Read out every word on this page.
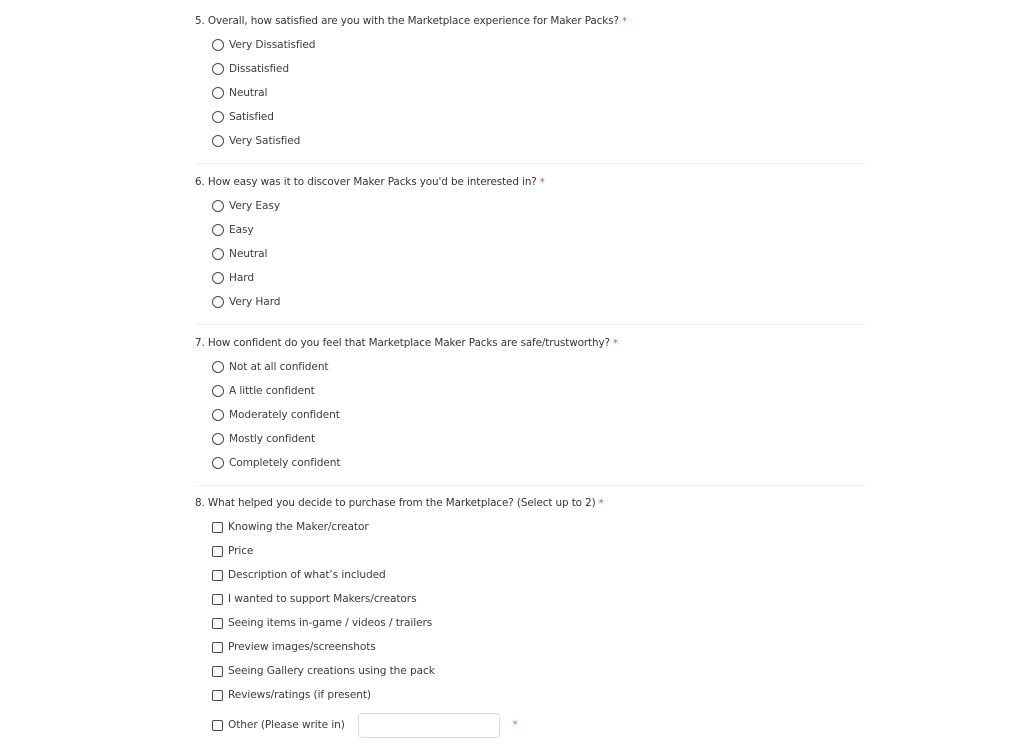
5. Overall, how satisfied are you with the Marketplace experience for Maker Packs? *
Very Dissatisfied
Dissatisfied
Neutral
Satisfied
Very Satisfied
6. How easy was it to discover Maker Packs you'd be interested in? *
Very Easy
Easy
Neutral
Hard
Very Hard
7. How confident do you feel that Marketplace Maker Packs are safe/trustworthy? *
Not at all confident
A little confident
Moderately confident
Mostly confident
Completely confident
8. What helped you decide to purchase from the Marketplace? (Select up to 2) *
Knowing the Maker/creator
Price
Description of what’s included
I wanted to support Makers/creators
Seeing items in-game / videos / trailers
Preview images/screenshots
Seeing Gallery creations using the pack
Reviews/ratings (if present)
Other (Please write in)	*
